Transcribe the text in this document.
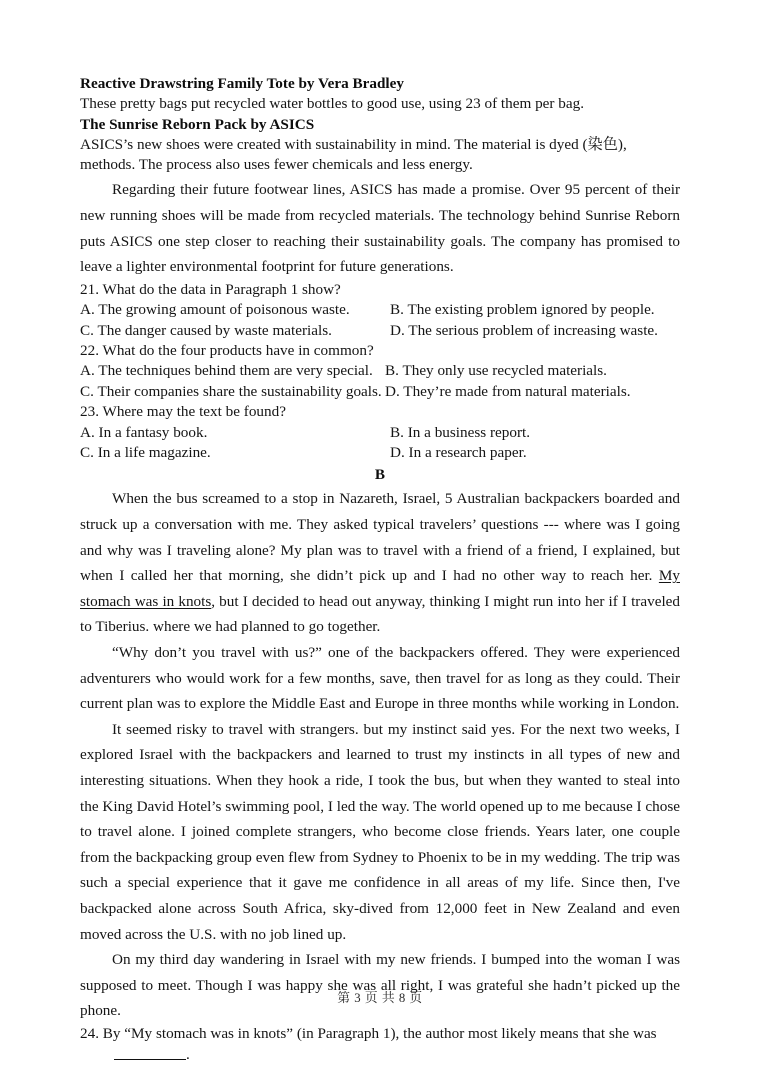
Reactive Drawstring Family Tote by Vera Bradley
These pretty bags put recycled water bottles to good use, using 23 of them per bag.
The Sunrise Reborn Pack by ASICS
ASICS’s new shoes were created with sustainability in mind. The material is dyed (染色),
methods. The process also uses fewer chemicals and less energy.

Regarding their future footwear lines, ASICS has made a promise. Over 95 percent of their new running shoes will be made from recycled materials. The technology behind Sunrise Reborn puts ASICS one step closer to reaching their sustainability goals. The company has promised to leave a lighter environmental footprint for future generations.

21. What do the data in Paragraph 1 show?
A. The growing amount of poisonous waste.	B. The existing problem ignored by people.
C. The danger caused by waste materials.	D. The serious problem of increasing waste.
22. What do the four products have in common?
A. The techniques behind them are very special. B. They only use recycled materials.
C. Their companies share the sustainability goals. D. They’re made from natural materials.
23. Where may the text be found?
A. In a fantasy book.	B. In a business report.
C. In a life magazine.	D. In a research paper.
B

When the bus screamed to a stop in Nazareth, Israel, 5 Australian backpackers boarded and struck up a conversation with me. They asked typical travelers’ questions --- where was I going and why was I traveling alone? My plan was to travel with a friend of a friend, I explained, but when I called her that morning, she didn’t pick up and I had no other way to reach her. My stomach was in knots, but I decided to head out anyway, thinking I might run into her if I traveled to Tiberius. where we had planned to go together.

“Why don’t you travel with us?” one of the backpackers offered. They were experienced adventurers who would work for a few months, save, then travel for as long as they could. Their current plan was to explore the Middle East and Europe in three months while working in London.

It seemed risky to travel with strangers. but my instinct said yes. For the next two weeks, I explored Israel with the backpackers and learned to trust my instincts in all types of new and interesting situations. When they hook a ride, I took the bus, but when they wanted to steal into the King David Hotel’s swimming pool, I led the way. The world opened up to me because I chose to travel alone. I joined complete strangers, who become close friends. Years later, one couple from the backpacking group even flew from Sydney to Phoenix to be in my wedding. The trip was such a special experience that it gave me confidence in all areas of my life. Since then, I've backpacked alone across South Africa, sky-dived from 12,000 feet in New Zealand and even moved across the U.S. with no job lined up.

On my third day wandering in Israel with my new friends. I bumped into the woman I was supposed to meet. Though I was happy she was all right, I was grateful she hadn’t picked up the phone.

24. By “My stomach was in knots” (in Paragraph 1), the author most likely means that she was
.
第 3 页 共 8 页
